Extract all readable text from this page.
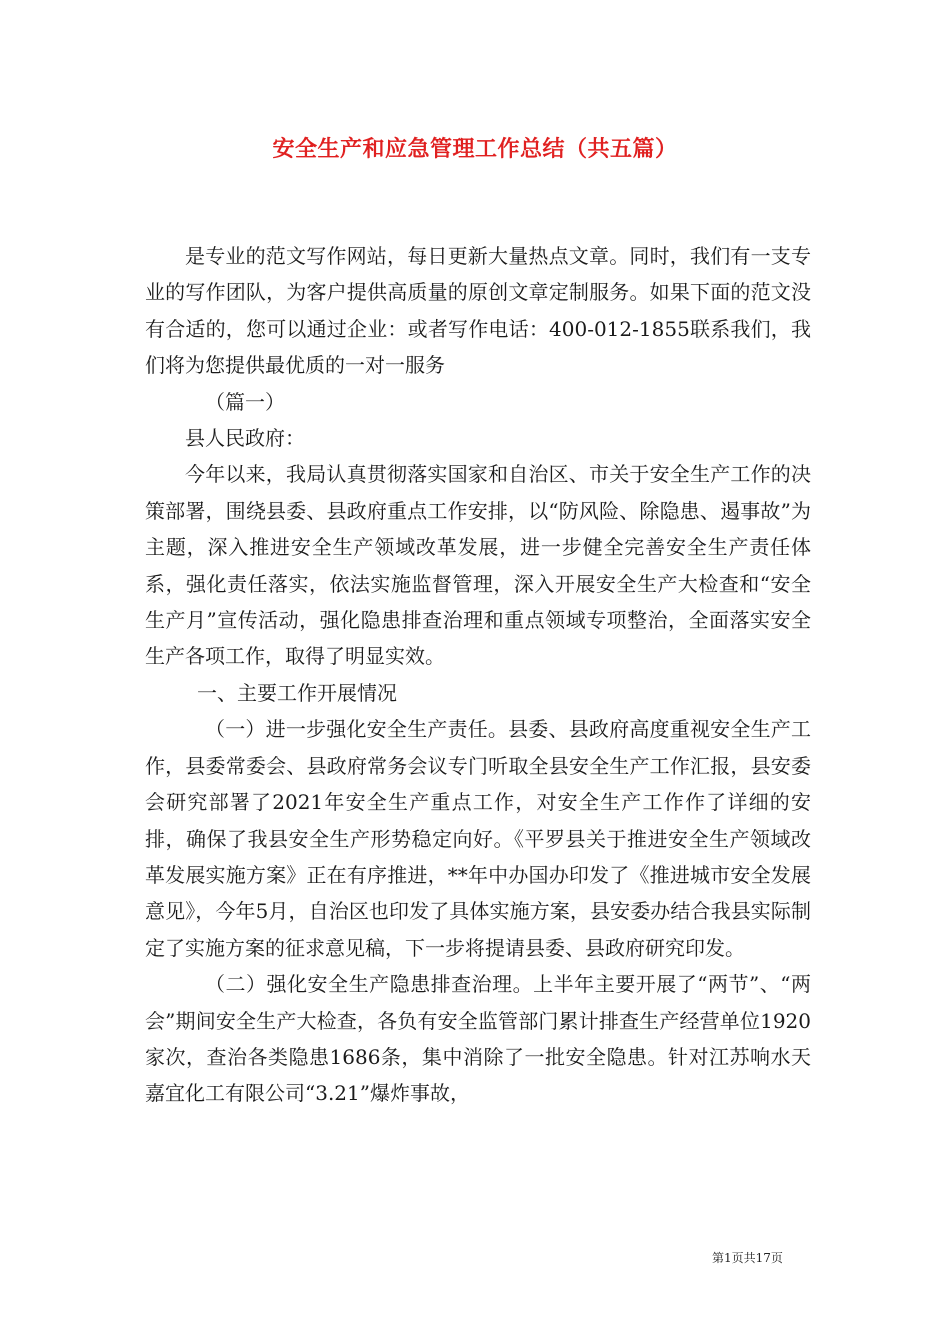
安全生产和应急管理工作总结（共五篇）

是专业的范文写作网站，每日更新大量热点文章。同时，我们有一支专业的写作团队，为客户提供高质量的原创文章定制服务。如果下面的范文没有合适的，您可以通过企业：或者写作电话：400-012-1855联系我们，我们将为您提供最优质的一对一服务

（篇一）

县人民政府：

今年以来，我局认真贯彻落实国家和自治区、市关于安全生产工作的决策部署，围绕县委、县政府重点工作安排，以“防风险、除隐患、遏事故”为主题，深入推进安全生产领域改革发展，进一步健全完善安全生产责任体系，强化责任落实，依法实施监督管理，深入开展安全生产大检查和“安全生产月”宣传活动，强化隐患排查治理和重点领域专项整治，全面落实安全生产各项工作，取得了明显实效。

一、主要工作开展情况

（一）进一步强化安全生产责任。县委、县政府高度重视安全生产工作，县委常委会、县政府常务会议专门听取全县安全生产工作汇报，县安委会研究部署了2021年安全生产重点工作，对安全生产工作作了详细的安排，确保了我县安全生产形势稳定向好。《平罗县关于推进安全生产领域改革发展实施方案》正在有序推进，**年中办国办印发了《推进城市安全发展意见》，今年5月，自治区也印发了具体实施方案，县安委办结合我县实际制定了实施方案的征求意见稿，下一步将提请县委、县政府研究印发。

（二）强化安全生产隐患排查治理。上半年主要开展了“两节”、“两会”期间安全生产大检查，各负有安全监管部门累计排查生产经营单位1920家次，查治各类隐患1686条，集中消除了一批安全隐患。针对江苏响水天嘉宜化工有限公司“3.21”爆炸事故，

第1页共17页
